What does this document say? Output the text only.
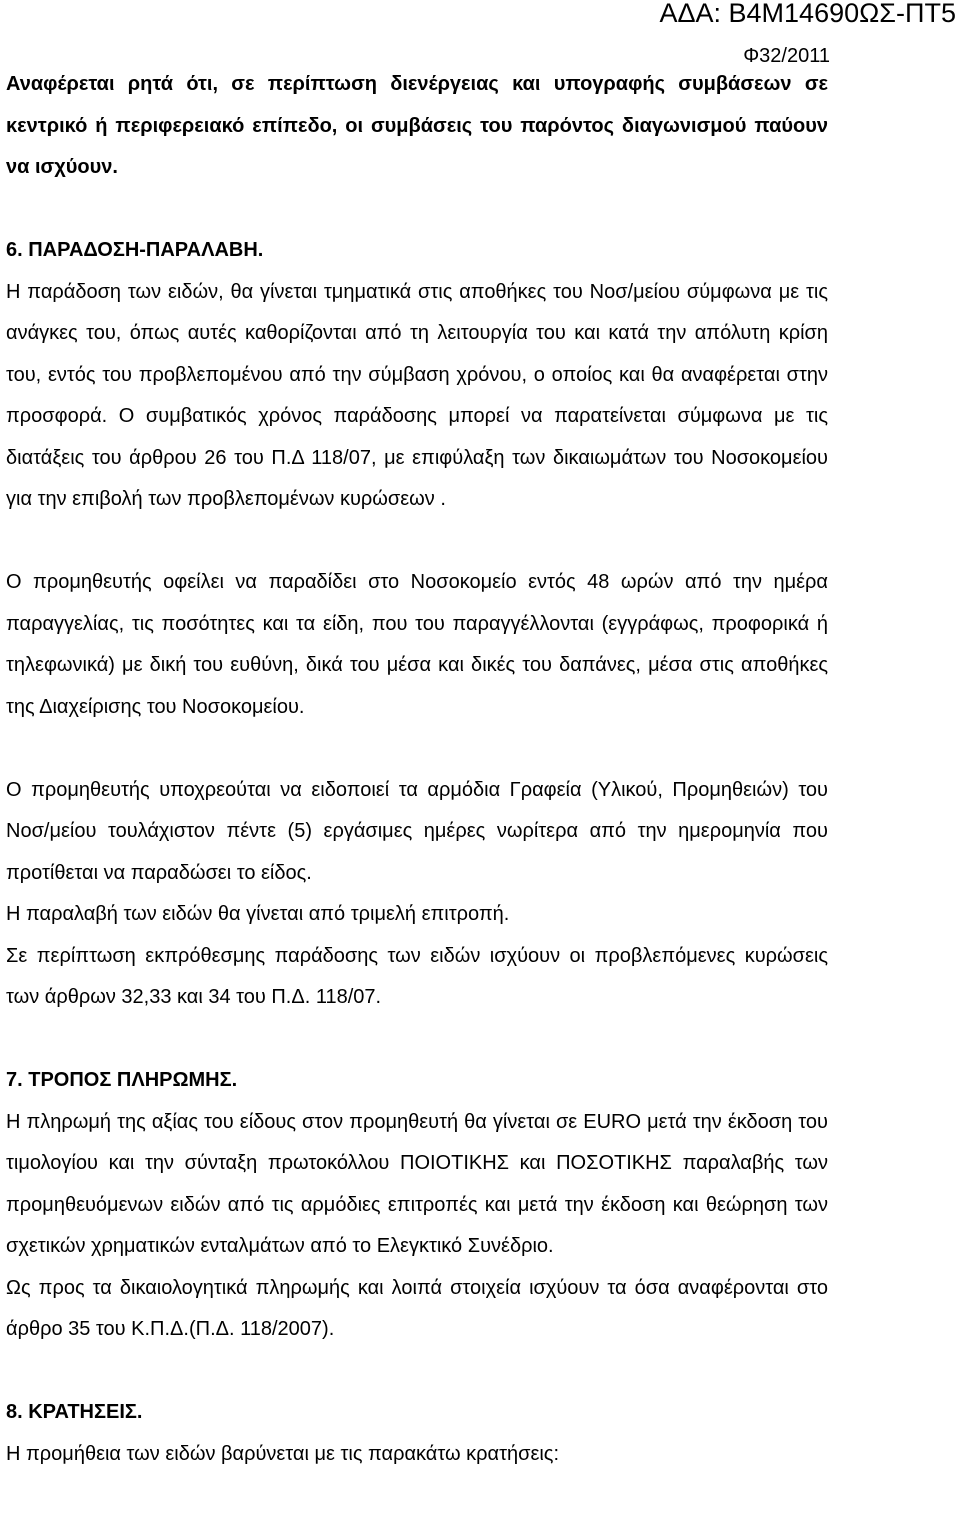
ΑΔΑ: Β4Μ14690ΩΣ-ΠΤ5
Φ32/2011

Αναφέρεται ρητά ότι, σε περίπτωση διενέργειας και υπογραφής συμβάσεων σε κεντρικό ή περιφερειακό επίπεδο, οι συμβάσεις του παρόντος διαγωνισμού παύουν να ισχύουν.

6. ΠΑΡΑΔΟΣΗ-ΠΑΡΑΛΑΒΗ.

Η παράδοση των ειδών, θα γίνεται τμηματικά στις αποθήκες του Νοσ/μείου σύμφωνα με τις ανάγκες του, όπως αυτές καθορίζονται από τη λειτουργία του και κατά την απόλυτη κρίση του, εντός του προβλεπομένου από την σύμβαση χρόνου, ο οποίος και θα αναφέρεται στην προσφορά. Ο συμβατικός χρόνος παράδοσης μπορεί να παρατείνεται σύμφωνα με τις διατάξεις του άρθρου 26 του Π.Δ 118/07, με επιφύλαξη των δικαιωμάτων του Νοσοκομείου για την επιβολή των προβλεπομένων κυρώσεων .

Ο προμηθευτής οφείλει να παραδίδει στο Νοσοκομείο εντός 48 ωρών από την ημέρα παραγγελίας, τις ποσότητες και τα είδη, που του παραγγέλλονται (εγγράφως, προφορικά ή τηλεφωνικά) με δική του ευθύνη, δικά του μέσα και δικές του δαπάνες, μέσα στις αποθήκες της Διαχείρισης του Νοσοκομείου.

Ο προμηθευτής υποχρεούται να ειδοποιεί τα αρμόδια Γραφεία (Υλικού, Προμηθειών) του Νοσ/μείου τουλάχιστον πέντε (5) εργάσιμες ημέρες νωρίτερα από την ημερομηνία που προτίθεται να παραδώσει το είδος.

Η παραλαβή των ειδών θα γίνεται από τριμελή επιτροπή.

Σε περίπτωση εκπρόθεσμης παράδοσης των ειδών ισχύουν οι προβλεπόμενες κυρώσεις των άρθρων 32,33 και 34 του Π.Δ. 118/07.

7. ΤΡΟΠΟΣ ΠΛΗΡΩΜΗΣ.

Η πληρωμή της αξίας του είδους στον προμηθευτή θα γίνεται σε EURO μετά την έκδοση του τιμολογίου και την σύνταξη πρωτοκόλλου ΠΟΙΟΤΙΚΗΣ και ΠΟΣΟΤΙΚΗΣ παραλαβής των προμηθευόμενων ειδών από τις αρμόδιες επιτροπές και μετά την έκδοση και θεώρηση των σχετικών χρηματικών ενταλμάτων από το Ελεγκτικό Συνέδριο.

Ως προς τα δικαιολογητικά πληρωμής και λοιπά στοιχεία ισχύουν τα όσα αναφέρονται στο άρθρο 35 του Κ.Π.Δ.(Π.Δ. 118/2007).

8. ΚΡΑΤΗΣΕΙΣ.

Η προμήθεια των ειδών βαρύνεται με τις παρακάτω κρατήσεις:
